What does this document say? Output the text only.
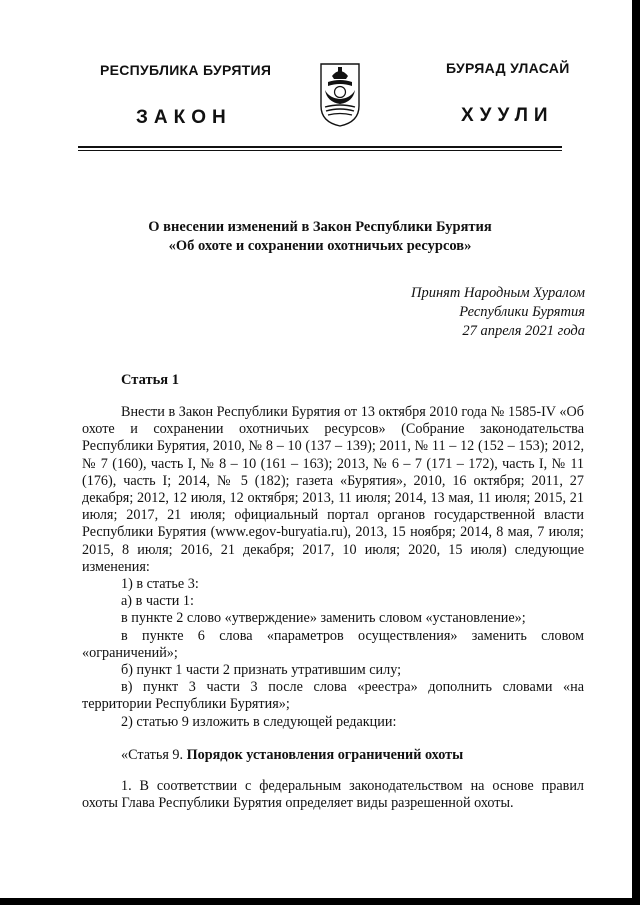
РЕСПУБЛИКА БУРЯТИЯ	БУРЯАД УЛАСАЙ
ЗАКОН	ХУУЛИ
О внесении изменений в Закон Республики Бурятия
«Об охоте и сохранении охотничьих ресурсов»
Принят Народным Хуралом
Республики Бурятия
27 апреля 2021 года
Статья 1

Внести в Закон Республики Бурятия от 13 октября 2010 года № 1585-IV «Об охоте и сохранении охотничьих ресурсов» (Собрание законодательства Республики Бурятия, 2010, № 8 – 10 (137 – 139); 2011, № 11 – 12 (152 – 153); 2012, № 7 (160), часть I, № 8 – 10 (161 – 163); 2013, № 6 – 7 (171 – 172), часть I, № 11 (176), часть I; 2014, № 5 (182); газета «Бурятия», 2010, 16 октября; 2011, 27 декабря; 2012, 12 июля, 12 октября; 2013, 11 июля; 2014, 13 мая, 11 июля; 2015, 21 июля; 2017, 21 июля; официальный портал органов государственной власти Республики Бурятия (www.egov-buryatia.ru), 2013, 15 ноября; 2014, 8 мая, 7 июля; 2015, 8 июля; 2016, 21 декабря; 2017, 10 июля; 2020, 15 июля) следующие изменения:

1) в статье 3:

а) в части 1:

в пункте 2 слово «утверждение» заменить словом «установление»;

в пункте 6 слова «параметров осуществления» заменить словом «ограничений»;

б) пункт 1 части 2 признать утратившим силу;

в) пункт 3 части 3 после слова «реестра» дополнить словами «на территории Республики Бурятия»;

2) статью 9 изложить в следующей редакции:

«Статья 9. Порядок установления ограничений охоты

1. В соответствии с федеральным законодательством на основе правил охоты Глава Республики Бурятия определяет виды разрешенной охоты.
